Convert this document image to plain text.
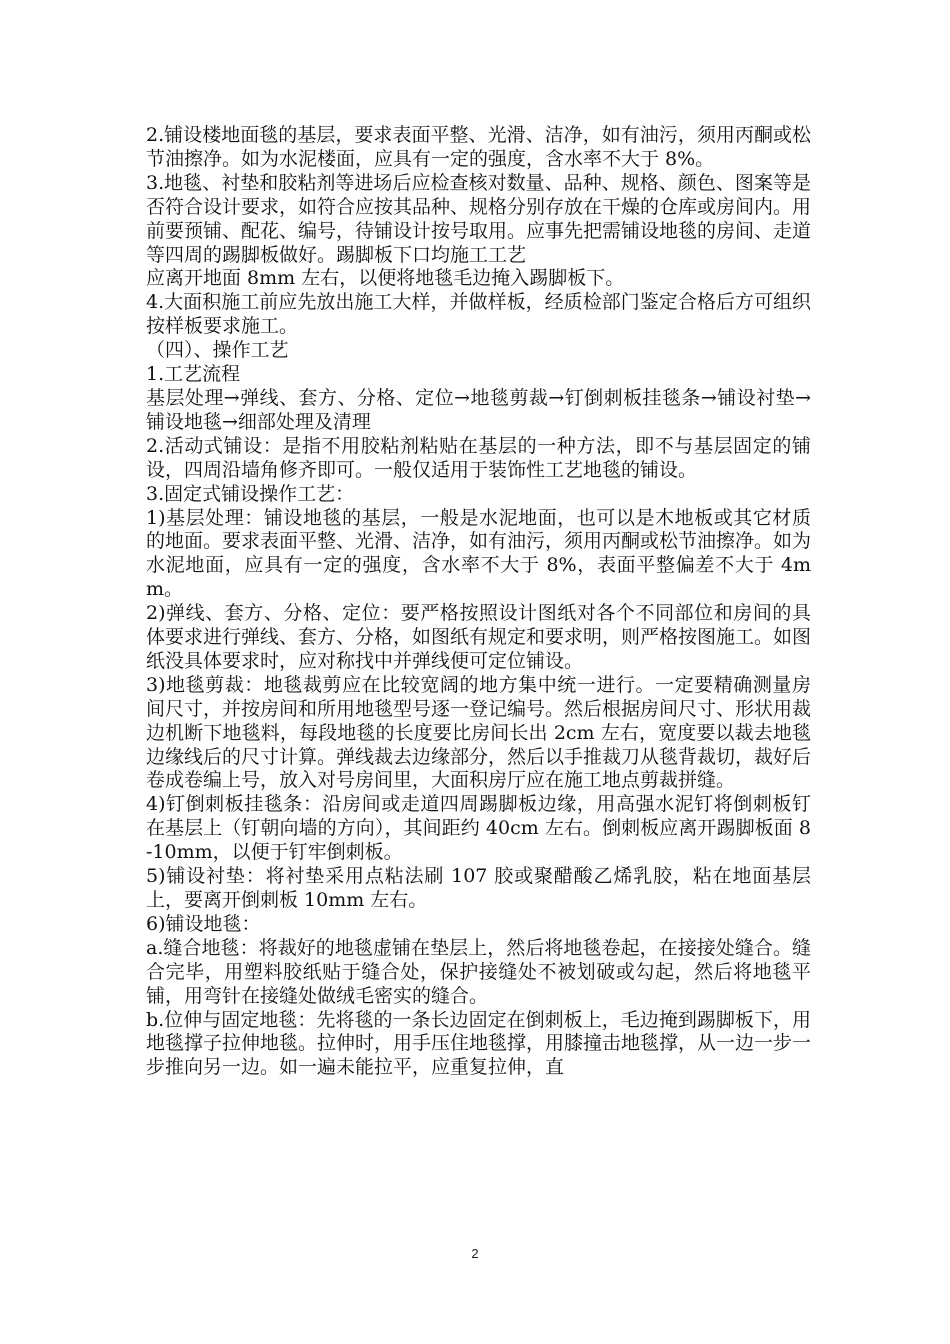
2.铺设楼地面毯的基层，要求表面平整、光滑、洁净，如有油污，须用丙酮或松节油擦净。如为水泥楼面，应具有一定的强度，含水率不大于 8%。

3.地毯、衬垫和胶粘剂等进场后应检查核对数量、品种、规格、颜色、图案等是否符合设计要求，如符合应按其品种、规格分别存放在干燥的仓库或房间内。用前要预铺、配花、编号，待铺设计按号取用。应事先把需铺设地毯的房间、走道等四周的踢脚板做好。踢脚板下口均施工工艺

应离开地面 8mm 左右，以便将地毯毛边掩入踢脚板下。

4.大面积施工前应先放出施工大样，并做样板，经质检部门鉴定合格后方可组织按样板要求施工。

（四）、操作工艺

1.工艺流程

基层处理→弹线、套方、分格、定位→地毯剪裁→钉倒刺板挂毯条→铺设衬垫→铺设地毯→细部处理及清理

2.活动式铺设：是指不用胶粘剂粘贴在基层的一种方法，即不与基层固定的铺设，四周沿墙角修齐即可。一般仅适用于装饰性工艺地毯的铺设。

3.固定式铺设操作工艺：

1)基层处理：铺设地毯的基层，一般是水泥地面，也可以是木地板或其它材质的地面。要求表面平整、光滑、洁净，如有油污，须用丙酮或松节油擦净。如为水泥地面，应具有一定的强度，含水率不大于 8%，表面平整偏差不大于 4mm。

2)弹线、套方、分格、定位：要严格按照设计图纸对各个不同部位和房间的具体要求进行弹线、套方、分格，如图纸有规定和要求明，则严格按图施工。如图纸没具体要求时，应对称找中并弹线便可定位铺设。

3)地毯剪裁：地毯裁剪应在比较宽阔的地方集中统一进行。一定要精确测量房间尺寸，并按房间和所用地毯型号逐一登记编号。然后根据房间尺寸、形状用裁边机断下地毯料，每段地毯的长度要比房间长出 2cm 左右，宽度要以裁去地毯边缘线后的尺寸计算。弹线裁去边缘部分，然后以手推裁刀从毯背裁切，裁好后卷成卷编上号，放入对号房间里，大面积房厅应在施工地点剪裁拼缝。

4)钉倒刺板挂毯条：沿房间或走道四周踢脚板边缘，用高强水泥钉将倒刺板钉在基层上（钉朝向墙的方向），其间距约 40cm 左右。倒刺板应离开踢脚板面 8-10mm，以便于钉牢倒刺板。

5)铺设衬垫：将衬垫采用点粘法刷 107 胶或聚醋酸乙烯乳胶，粘在地面基层上，要离开倒刺板 10mm 左右。

6)铺设地毯：

a.缝合地毯：将裁好的地毯虚铺在垫层上，然后将地毯卷起，在接接处缝合。缝合完毕，用塑料胶纸贴于缝合处，保护接缝处不被划破或勾起，然后将地毯平铺，用弯针在接缝处做绒毛密实的缝合。

b.位伸与固定地毯：先将毯的一条长边固定在倒刺板上，毛边掩到踢脚板下，用地毯撑子拉伸地毯。拉伸时，用手压住地毯撑，用膝撞击地毯撑，从一边一步一步推向另一边。如一遍未能拉平，应重复拉伸，直

2
